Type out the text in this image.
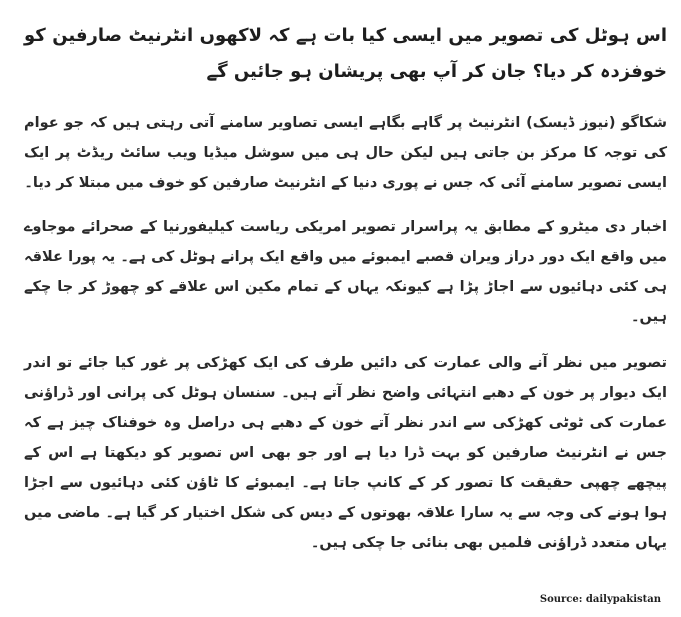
اس ہوٹل کی تصویر میں ایسی کیا بات ہے کہ لاکھوں انٹرنیٹ صارفین کو خوفزدہ کر دیا؟ جان کر آپ بھی پریشان ہو جائیں گے

شکاگو (نیوز ڈیسک) انٹرنیٹ پر گاہے بگاہے ایسی تصاویر سامنے آتی رہتی ہیں کہ جو عوام کی توجہ کا مرکز بن جاتی ہیں لیکن حال ہی میں سوشل میڈیا ویب سائٹ ریڈٹ پر ایک ایسی تصویر سامنے آئی کہ جس نے پوری دنیا کے انٹرنیٹ صارفین کو خوف میں مبتلا کر دیا۔

اخبار دی میٹرو کے مطابق یہ پراسرار تصویر امریکی ریاست کیلیفورنیا کے صحرائے موجاوے میں واقع ایک دور دراز ویران قصبے ایمبوئے میں واقع ایک پرانے ہوٹل کی ہے۔ یہ پورا علاقہ ہی کئی دہائیوں سے اجاڑ پڑا ہے کیونکہ یہاں کے تمام مکین اس علاقے کو چھوڑ کر جا چکے ہیں۔

تصویر میں نظر آنے والی عمارت کی دائیں طرف کی ایک کھڑکی پر غور کیا جائے تو اندر ایک دیوار پر خون کے دھبے انتہائی واضح نظر آتے ہیں۔ سنسان ہوٹل کی پرانی اور ڈراؤنی عمارت کی ٹوٹی کھڑکی سے اندر نظر آتے خون کے دھبے ہی دراصل وہ خوفناک چیز ہے کہ جس نے انٹرنیٹ صارفین کو بہت ڈرا دیا ہے اور جو بھی اس تصویر کو دیکھتا ہے اس کے پیچھے چھپی حقیقت کا تصور کر کے کانپ جاتا ہے۔ ایمبوئے کا ٹاؤن کئی دہائیوں سے اجڑا ہوا ہونے کی وجہ سے یہ سارا علاقہ بھوتوں کے دیس کی شکل اختیار کر گیا ہے۔ ماضی میں یہاں متعدد ڈراؤنی فلمیں بھی بنائی جا چکی ہیں۔

Source: dailypakistan
